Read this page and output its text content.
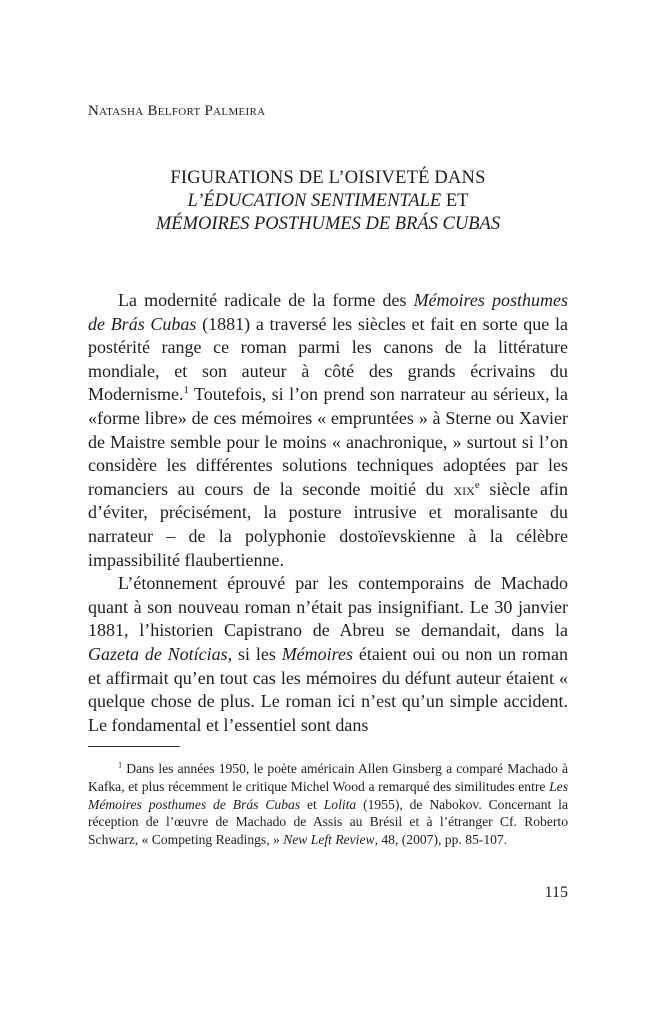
Natasha Belfort Palmeira

FIGURATIONS DE L’OISIVETÉ DANS
L’ÉDUCATION SENTIMENTALE ET
MÉMOIRES POSTHUMES DE BRÁS CUBAS

La modernité radicale de la forme des Mémoires posthumes de Brás Cubas (1881) a traversé les siècles et fait en sorte que la postérité range ce roman parmi les canons de la littérature mondiale, et son auteur à côté des grands écrivains du Modernisme.$^1$ Toutefois, si l’on prend son narrateur au sérieux, la «forme libre» de ces mémoires « empruntées » à Sterne ou Xavier de Maistre semble pour le moins « anachronique, » surtout si l’on considère les différentes solutions techniques adoptées par les romanciers au cours de la seconde moitié du xix$^e$ siècle afin d’éviter, précisément, la posture intrusive et moralisante du narrateur – de la polyphonie dostoïevskienne à la célèbre impassibilité flaubertienne.

L’étonnement éprouvé par les contemporains de Machado quant à son nouveau roman n’était pas insignifiant. Le 30 janvier 1881, l’historien Capistrano de Abreu se demandait, dans la Gazeta de Notícias, si les Mémoires étaient oui ou non un roman et affirmait qu’en tout cas les mémoires du défunt auteur étaient « quelque chose de plus. Le roman ici n’est qu’un simple accident. Le fondamental et l’essentiel sont dans

$^1$ Dans les années 1950, le poète américain Allen Ginsberg a comparé Machado à Kafka, et plus récemment le critique Michel Wood a remarqué des similitudes entre Les Mémoires posthumes de Brás Cubas et Lolita (1955), de Nabokov. Concernant la réception de l’œuvre de Machado de Assis au Brésil et à l’étranger Cf. Roberto Schwarz, « Competing Readings, » New Left Review, 48, (2007), pp. 85-107.

115
